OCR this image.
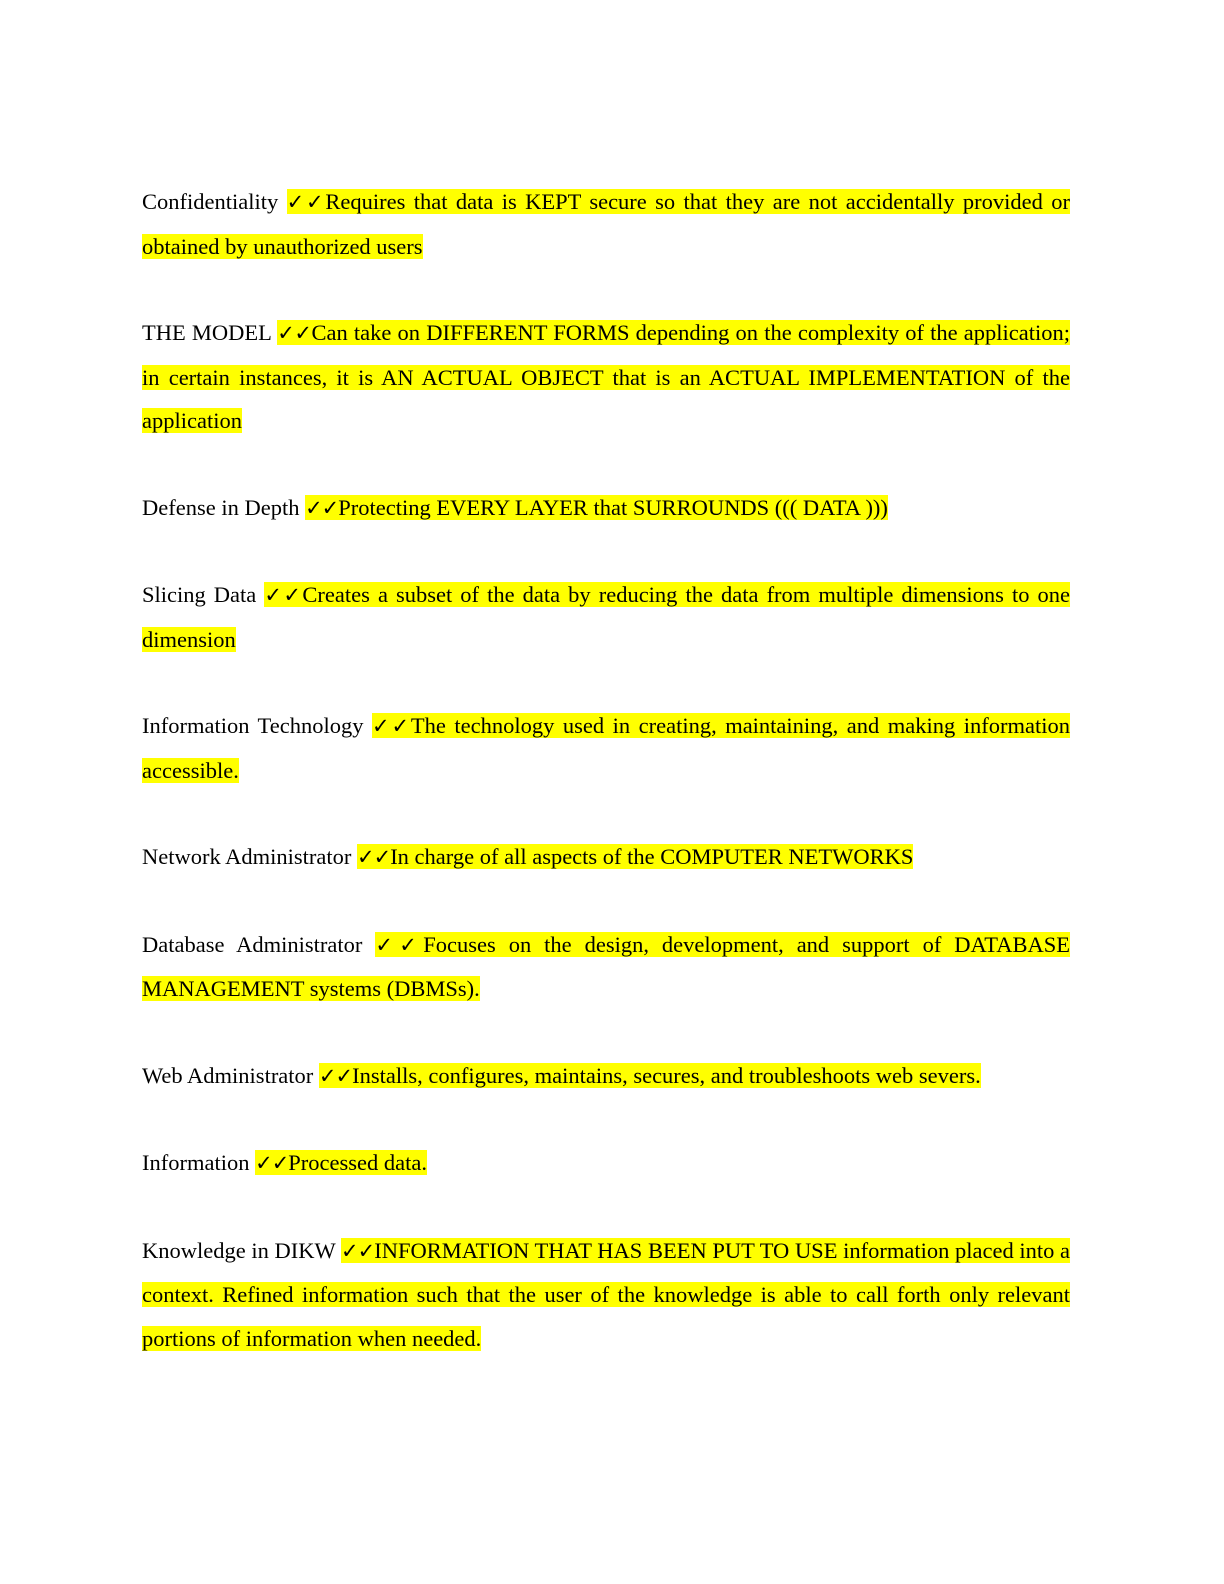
Confidentiality ✓✓Requires that data is KEPT secure so that they are not accidentally provided or obtained by unauthorized users

THE MODEL ✓✓Can take on DIFFERENT FORMS depending on the complexity of the application; in certain instances, it is AN ACTUAL OBJECT that is an ACTUAL IMPLEMENTATION of the application

Defense in Depth ✓✓Protecting EVERY LAYER that SURROUNDS ((( DATA )))

Slicing Data ✓✓Creates a subset of the data by reducing the data from multiple dimensions to one dimension

Information Technology ✓✓The technology used in creating, maintaining, and making information accessible.

Network Administrator ✓✓In charge of all aspects of the COMPUTER NETWORKS

Database Administrator ✓✓Focuses on the design, development, and support of DATABASE MANAGEMENT systems (DBMSs).

Web Administrator ✓✓Installs, configures, maintains, secures, and troubleshoots web severs.

Information ✓✓Processed data.

Knowledge in DIKW ✓✓INFORMATION THAT HAS BEEN PUT TO USE information placed into a context. Refined information such that the user of the knowledge is able to call forth only relevant portions of information when needed.
